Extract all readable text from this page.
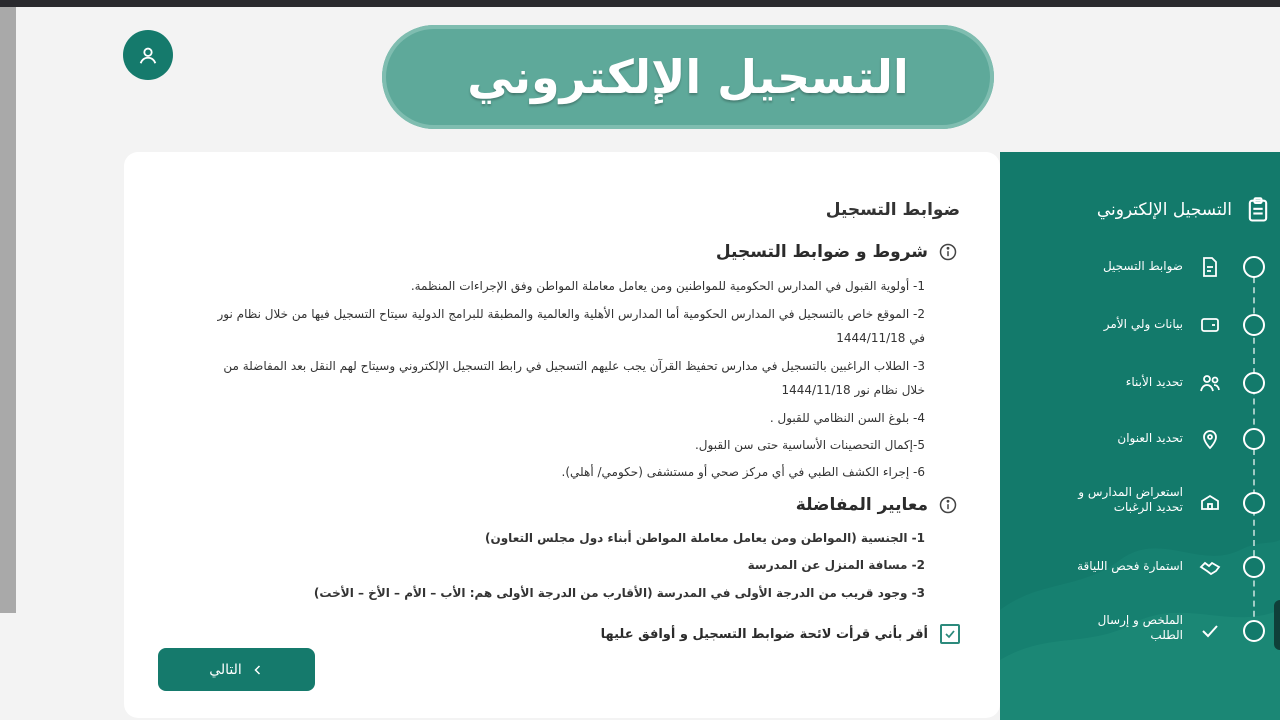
التسجيل الإلكتروني
ضوابط التسجيل
شروط و ضوابط التسجيل
1- أولوية القبول في المدارس الحكومية للمواطنين ومن يعامل معاملة المواطن وفق الإجراءات المنظمة.
2- الموقع خاص بالتسجيل في المدارس الحكومية أما المدارس الأهلية والعالمية والمطبقة للبرامج الدولية سيتاح التسجيل فيها من خلال نظام نور في 1444/11/18
3- الطلاب الراغبين بالتسجيل في مدارس تحفيظ القرآن يجب عليهم التسجيل في رابط التسجيل الإلكتروني وسيتاح لهم النقل بعد المفاضلة من خلال نظام نور 1444/11/18
4- بلوغ السن النظامي للقبول .
5-إكمال التحصينات الأساسية حتى سن القبول.
6- إجراء الكشف الطبي في أي مركز صحي أو مستشفى (حكومي/ أهلي).
معايير المفاضلة
1- الجنسية (المواطن ومن يعامل معاملة المواطن أبناء دول مجلس التعاون)
2- مسافة المنزل عن المدرسة
3- وجود قريب من الدرجة الأولى في المدرسة (الأقارب من الدرجة الأولى هم: الأب – الأم – الأخ – الأخت)
أقر بأني قرأت لائحة ضوابط التسجيل و أوافق عليها
التالي
التسجيل الإلكتروني
ضوابط التسجيل
بيانات ولي الأمر
تحديد الأبناء
تحديد العنوان
استعراض المدارس و تحديد الرغبات
استمارة فحص اللياقة
الملخص و إرسال الطلب
